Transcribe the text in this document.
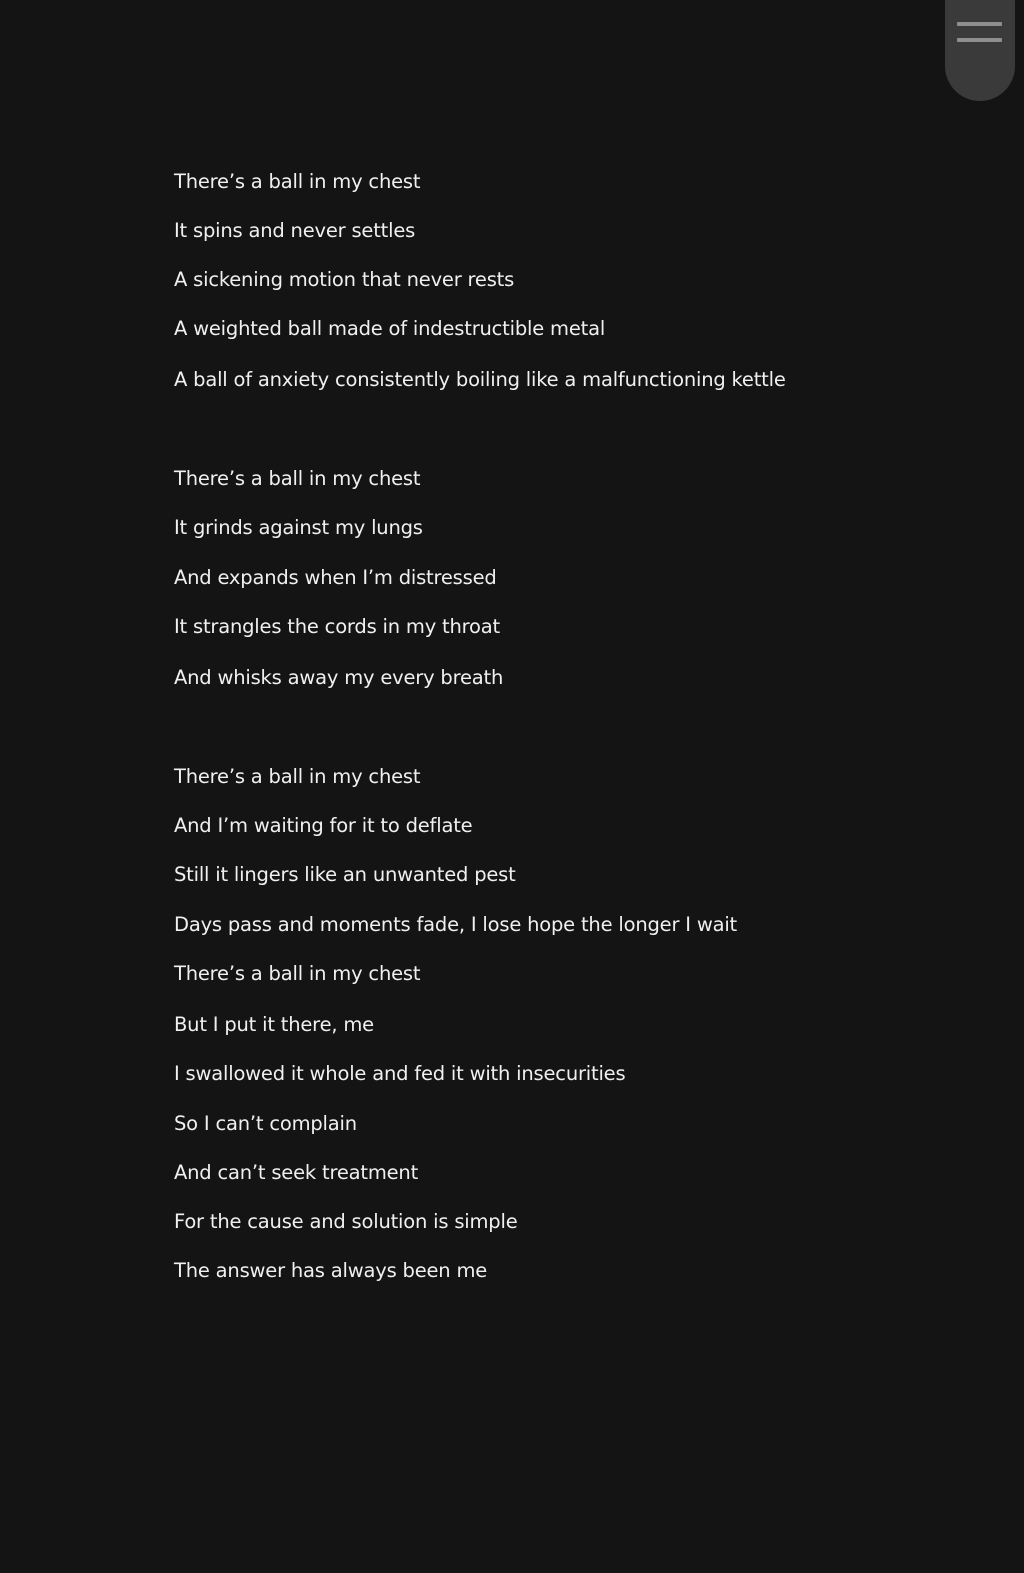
There’s a ball in my chest
It spins and never settles
A sickening motion that never rests
A weighted ball made of indestructible metal
A ball of anxiety consistently boiling like a malfunctioning kettle
There’s a ball in my chest
It grinds against my lungs
And expands when I’m distressed
It strangles the cords in my throat
And whisks away my every breath
There’s a ball in my chest
And I’m waiting for it to deflate
Still it lingers like an unwanted pest
Days pass and moments fade, I lose hope the longer I wait
There’s a ball in my chest
But I put it there, me
I swallowed it whole and fed it with insecurities
So I can’t complain
And can’t seek treatment
For the cause and solution is simple
The answer has always been me
